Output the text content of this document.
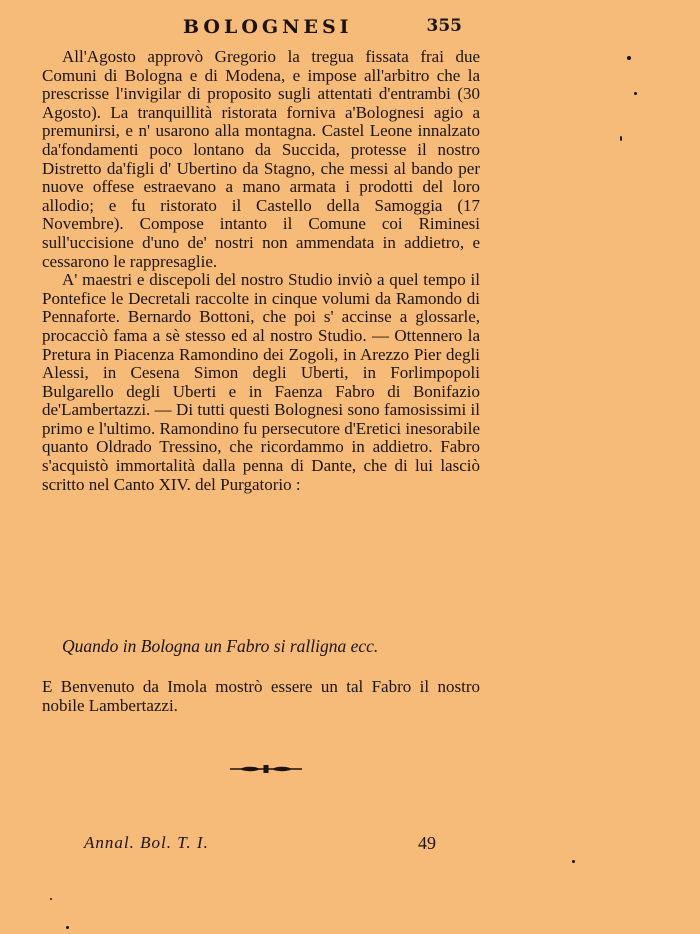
BOLOGNESI	355

All'Agosto approvò Gregorio la tregua fissata frai due Comuni di Bologna e di Modena, e impose all'arbitro che la prescrisse l'invigilar di proposito sugli attentati d'entrambi (30 Agosto). La tranquillità ristorata forniva a'Bolognesi agio a premunirsi, e n' usarono alla montagna. Castel Leone innalzato da'fondamenti poco lontano da Succida, protesse il nostro Distretto da'figli d' Ubertino da Stagno, che messi al bando per nuove offese estraevano a mano armata i prodotti del loro allodio; e fu ristorato il Castello della Samoggia (17 Novembre). Compose intanto il Comune coi Riminesi sull'uccisione d'uno de' nostri non ammendata in addietro, e cessarono le rappresaglie.

A' maestri e discepoli del nostro Studio inviò a quel tempo il Pontefice le Decretali raccolte in cinque volumi da Ramondo di Pennaforte. Bernardo Bottoni, che poi s' accinse a glossarle, procacciò fama a sè stesso ed al nostro Studio. — Ottennero la Pretura in Piacenza Ramondino dei Zogoli, in Arezzo Pier degli Alessi, in Cesena Simon degli Uberti, in Forlimpopoli Bulgarello degli Uberti e in Faenza Fabro di Bonifazio de'Lambertazzi. — Di tutti questi Bolognesi sono famosissimi il primo e l'ultimo. Ramondino fu persecutore d'Eretici inesorabile quanto Oldrado Tressino, che ricordammo in addietro. Fabro s'acquistò immortalità dalla penna di Dante, che di lui lasciò scritto nel Canto XIV. del Purgatorio :

Quando in Bologna un Fabro si ralligna ecc.

E Benvenuto da Imola mostrò essere un tal Fabro il nostro nobile Lambertazzi.

Annal. Bol. T. I.	49
